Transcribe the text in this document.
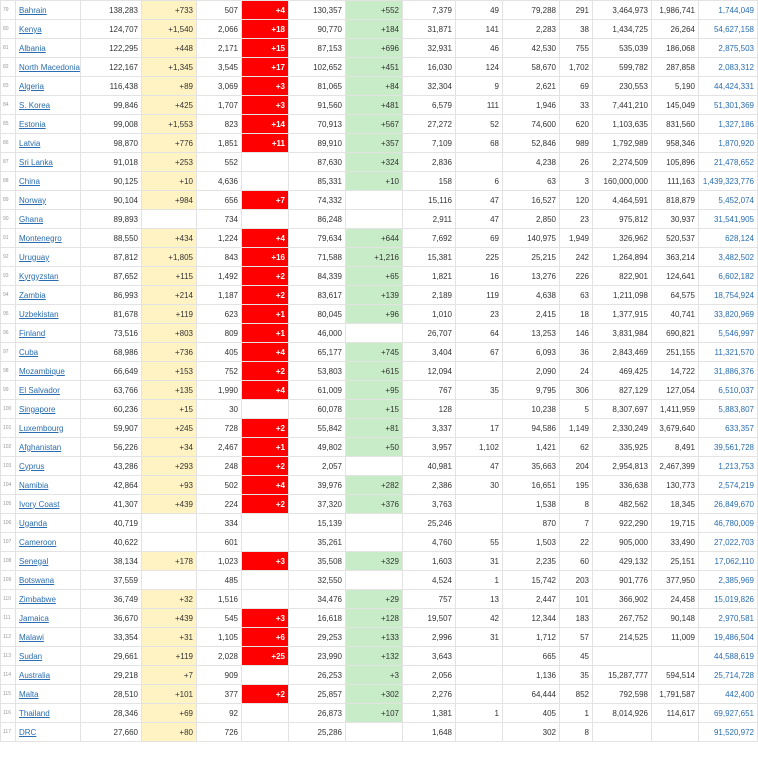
79	Bahrain	138,283	+733	507	+4	130,357	+552	7,379	49	79,288	291	3,464,973	1,986,741	1,744,049
80	Kenya	124,707	+1,540	2,066	+18	90,770	+184	31,871	141	2,283	38	1,434,725	26,264	54,627,158
81	Albania	122,295	+448	2,171	+15	87,153	+696	32,931	46	42,530	755	535,039	186,068	2,875,503
82	North Macedonia	122,167	+1,345	3,545	+17	102,652	+451	16,030	124	58,670	1,702	599,782	287,858	2,083,312
83	Algeria	116,438	+89	3,069	+3	81,065	+84	32,304	9	2,621	69	230,553	5,190	44,424,331
84	S. Korea	99,846	+425	1,707	+3	91,560	+481	6,579	111	1,946	33	7,441,210	145,049	51,301,369
85	Estonia	99,008	+1,553	823	+14	70,913	+567	27,272	52	74,600	620	1,103,635	831,560	1,327,186
86	Latvia	98,870	+776	1,851	+11	89,910	+357	7,109	68	52,846	989	1,792,989	958,346	1,870,920
87	Sri Lanka	91,018	+253	552		87,630	+324	2,836		4,238	26	2,274,509	105,896	21,478,652
88	China	90,125	+10	4,636		85,331	+10	158	6	63	3	160,000,000	111,163	1,439,323,776
89	Norway	90,104	+984	656	+7	74,332		15,116	47	16,527	120	4,464,591	818,879	5,452,074
90	Ghana	89,893		734		86,248		2,911	47	2,850	23	975,812	30,937	31,541,905
91	Montenegro	88,550	+434	1,224	+4	79,634	+644	7,692	69	140,975	1,949	326,962	520,537	628,124
92	Uruguay	87,812	+1,805	843	+16	71,588	+1,216	15,381	225	25,215	242	1,264,894	363,214	3,482,502
93	Kyrgyzstan	87,652	+115	1,492	+2	84,339	+65	1,821	16	13,276	226	822,901	124,641	6,602,182
94	Zambia	86,993	+214	1,187	+2	83,617	+139	2,189	119	4,638	63	1,211,098	64,575	18,754,924
95	Uzbekistan	81,678	+119	623	+1	80,045	+96	1,010	23	2,415	18	1,377,915	40,741	33,820,969
96	Finland	73,516	+803	809	+1	46,000		26,707	64	13,253	146	3,831,984	690,821	5,546,997
97	Cuba	68,986	+736	405	+4	65,177	+745	3,404	67	6,093	36	2,843,469	251,155	11,321,570
98	Mozambique	66,649	+153	752	+2	53,803	+615	12,094		2,090	24	469,425	14,722	31,886,376
99	El Salvador	63,766	+135	1,990	+4	61,009	+95	767	35	9,795	306	827,129	127,054	6,510,037
100	Singapore	60,236	+15	30		60,078	+15	128		10,238	5	8,307,697	1,411,959	5,883,807
101	Luxembourg	59,907	+245	728	+2	55,842	+81	3,337	17	94,586	1,149	2,330,249	3,679,640	633,357
102	Afghanistan	56,226	+34	2,467	+1	49,802	+50	3,957	1,102	1,421	62	335,925	8,491	39,561,728
103	Cyprus	43,286	+293	248	+2	2,057		40,981	47	35,663	204	2,954,813	2,467,399	1,213,753
104	Namibia	42,864	+93	502	+4	39,976	+282	2,386	30	16,651	195	336,638	130,773	2,574,219
105	Ivory Coast	41,307	+439	224	+2	37,320	+376	3,763		1,538	8	482,562	18,345	26,849,670
106	Uganda	40,719		334		15,139		25,246		870	7	922,290	19,715	46,780,009
107	Cameroon	40,622		601		35,261		4,760	55	1,503	22	905,000	33,490	27,022,703
108	Senegal	38,134	+178	1,023	+3	35,508	+329	1,603	31	2,235	60	429,132	25,151	17,062,110
109	Botswana	37,559		485		32,550		4,524	1	15,742	203	901,776	377,950	2,385,969
110	Zimbabwe	36,749	+32	1,516		34,476	+29	757	13	2,447	101	366,902	24,458	15,019,826
111	Jamaica	36,670	+439	545	+3	16,618	+128	19,507	42	12,344	183	267,752	90,148	2,970,581
112	Malawi	33,354	+31	1,105	+6	29,253	+133	2,996	31	1,712	57	214,525	11,009	19,486,504
113	Sudan	29,661	+119	2,028	+25	23,990	+132	3,643		665	45			44,588,619
114	Australia	29,218	+7	909		26,253	+3	2,056		1,136	35	15,287,777	594,514	25,714,728
115	Malta	28,510	+101	377	+2	25,857	+302	2,276		64,444	852	792,598	1,791,587	442,400
116	Thailand	28,346	+69	92		26,873	+107	1,381	1	405	1	8,014,926	114,617	69,927,651
117	DRC	27,660	+80	726		25,286		1,648		302	8			91,520,972
